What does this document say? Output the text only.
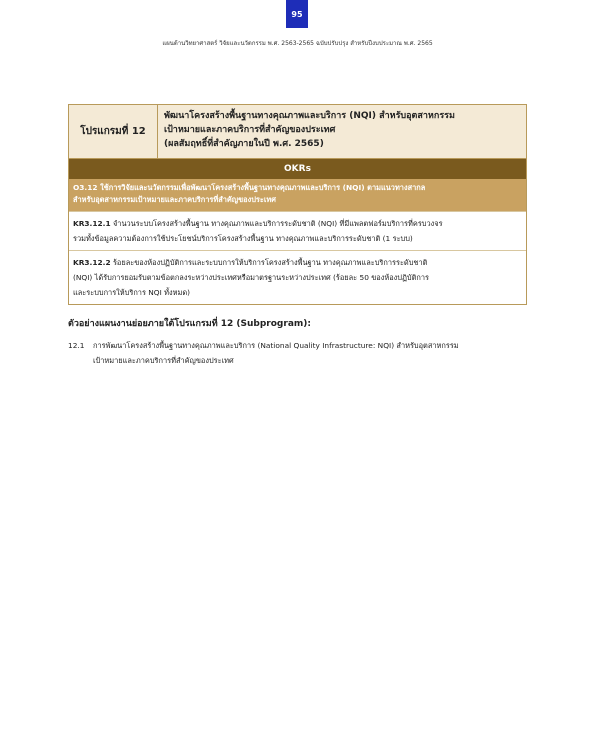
95
แผนด้านวิทยาศาสตร์ วิจัยและนวัตกรรม พ.ศ. 2563-2565 ฉบับปรับปรุง สำหรับปีงบประมาณ พ.ศ. 2565
โปรแกรมที่ 12
พัฒนาโครงสร้างพื้นฐานทางคุณภาพและบริการ (NQI) สำหรับอุตสาหกรรม
เป้าหมายและภาคบริการที่สำคัญของประเทศ
(ผลสัมฤทธิ์ที่สำคัญภายในปี พ.ศ. 2565)
OKRs
O3.12 ใช้การวิจัยและนวัตกรรมเพื่อพัฒนาโครงสร้างพื้นฐานทางคุณภาพและบริการ (NQI) ตามแนวทางสากล
สำหรับอุตสาหกรรมเป้าหมายและภาคบริการที่สำคัญของประเทศ
KR3.12.1 จำนวนระบบโครงสร้างพื้นฐาน ทางคุณภาพและบริการระดับชาติ (NQI) ที่มีแพลตฟอร์มบริการที่ครบวงจร
รวมทั้งข้อมูลความต้องการใช้ประโยชน์บริการโครงสร้างพื้นฐาน ทางคุณภาพและบริการระดับชาติ (1 ระบบ)
KR3.12.2 ร้อยละของห้องปฏิบัติการและระบบการให้บริการโครงสร้างพื้นฐาน ทางคุณภาพและบริการระดับชาติ
(NQI) ได้รับการยอมรับตามข้อตกลงระหว่างประเทศหรือมาตรฐานระหว่างประเทศ (ร้อยละ 50 ของห้องปฏิบัติการ
และระบบการให้บริการ NQI ทั้งหมด)
ตัวอย่างแผนงานย่อยภายใต้โปรแกรมที่ 12 (Subprogram):
12.1	การพัฒนาโครงสร้างพื้นฐานทางคุณภาพและบริการ (National Quality Infrastructure: NQI) สำหรับอุตสาหกรรม
เป้าหมายและภาคบริการที่สำคัญของประเทศ
